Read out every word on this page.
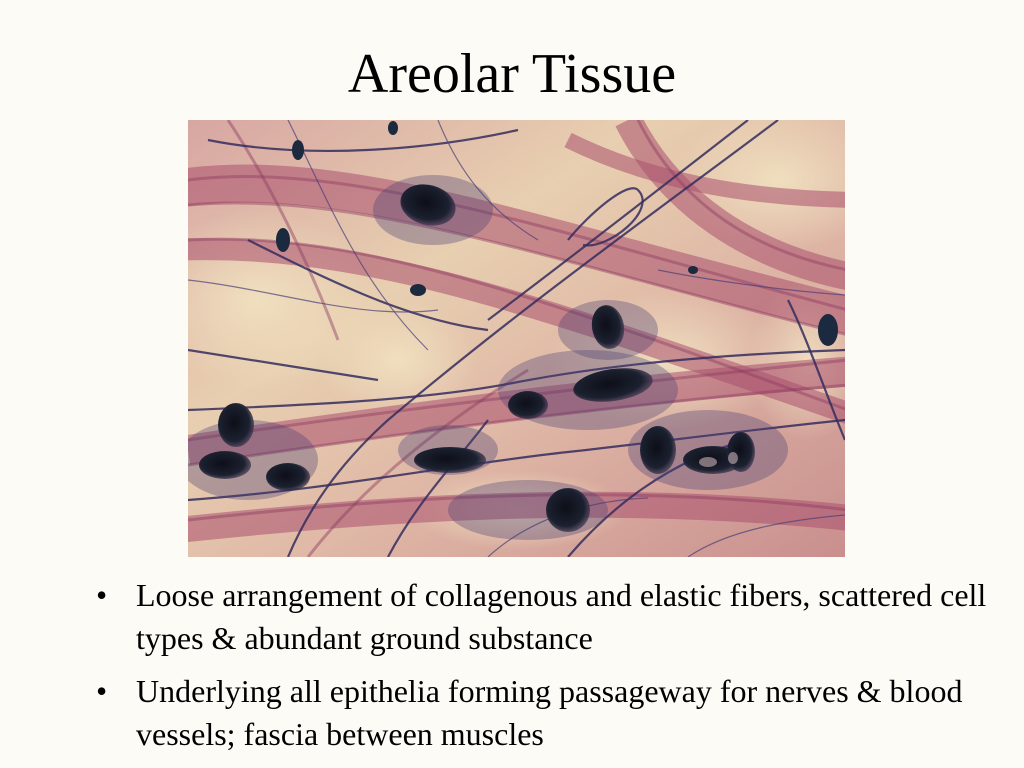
Areolar Tissue
• Loose arrangement of collagenous and elastic fibers, scattered cell types & abundant ground substance
• Underlying all epithelia forming passageway for nerves & blood vessels; fascia between muscles
